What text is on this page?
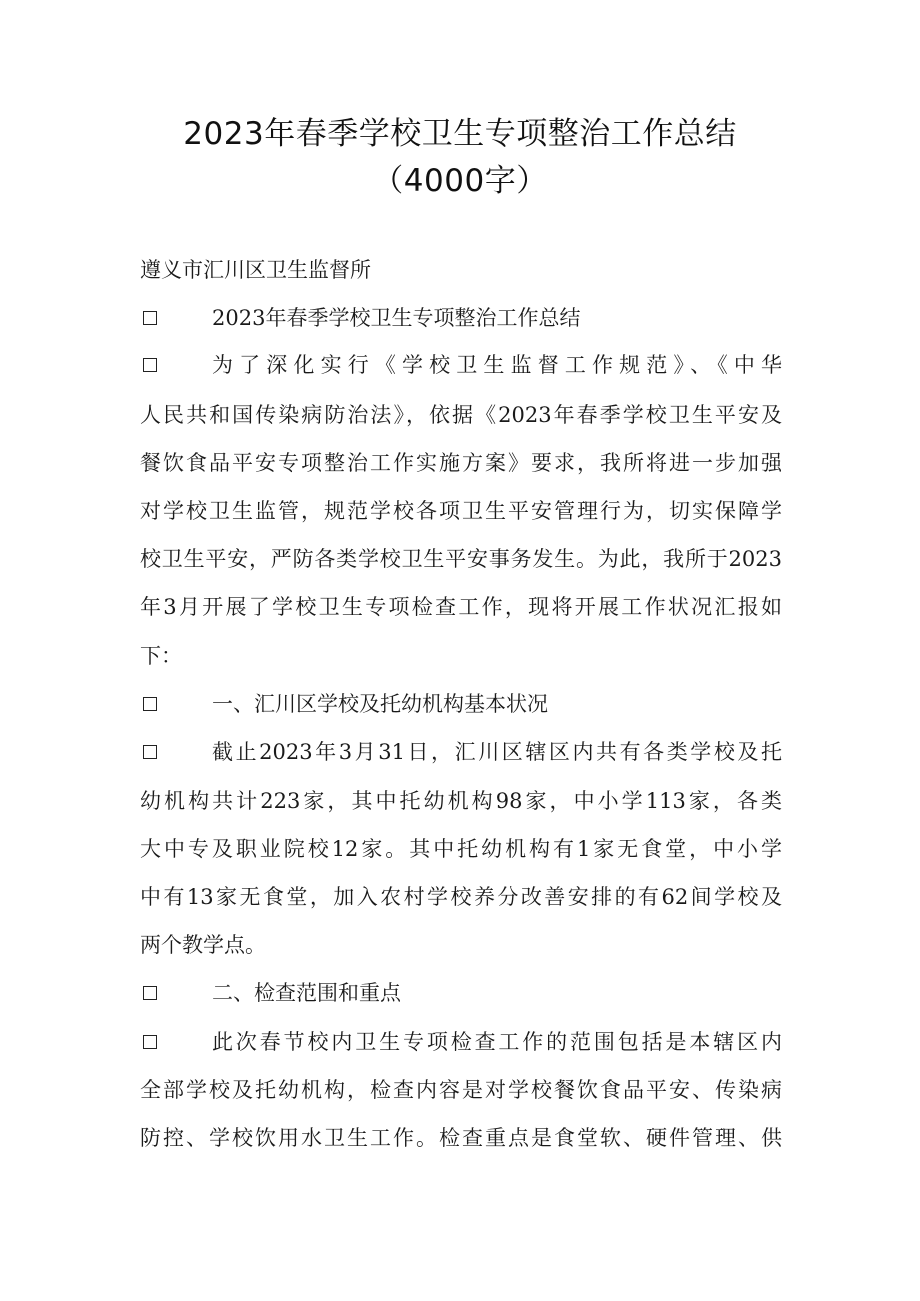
2023年春季学校卫生专项整治工作总结
（4000字）
遵义市汇川区卫生监督所
2023年春季学校卫生专项整治工作总结
为了深化实行《学校卫生监督工作规范》、《中华
人民共和国传染病防治法》，依据《2023年春季学校卫生平安及
餐饮食品平安专项整治工作实施方案》要求，我所将进一步加强
对学校卫生监管，规范学校各项卫生平安管理行为，切实保障学
校卫生平安，严防各类学校卫生平安事务发生。为此，我所于2023
年3月开展了学校卫生专项检查工作，现将开展工作状况汇报如
下：
一、汇川区学校及托幼机构基本状况
截止2023年3月31日，汇川区辖区内共有各类学校及托
幼机构共计223家，其中托幼机构98家，中小学113家，各类
大中专及职业院校12家。其中托幼机构有1家无食堂，中小学
中有13家无食堂，加入农村学校养分改善安排的有62间学校及
两个教学点。
二、检查范围和重点
此次春节校内卫生专项检查工作的范围包括是本辖区内
全部学校及托幼机构，检查内容是对学校餐饮食品平安、传染病
防控、学校饮用水卫生工作。检查重点是食堂软、硬件管理、供
